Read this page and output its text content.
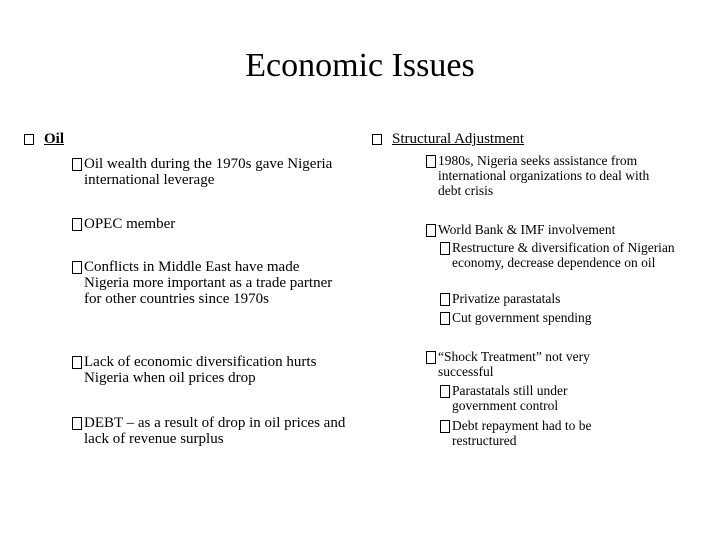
Economic Issues
Oil
Oil wealth during the 1970s gave Nigeria international leverage
OPEC member
Conflicts in Middle East have made Nigeria more important as a trade partner for other countries since 1970s
Lack of economic diversification hurts Nigeria when oil prices drop
DEBT – as a result of drop in oil prices and lack of revenue surplus
Structural Adjustment
1980s, Nigeria seeks assistance from international organizations to deal with debt crisis
World Bank & IMF involvement
Restructure & diversification of Nigerian economy, decrease dependence on oil
Privatize parastatals
Cut government spending
“Shock Treatment” not very successful
Parastatals still under government control
Debt repayment had to be restructured
